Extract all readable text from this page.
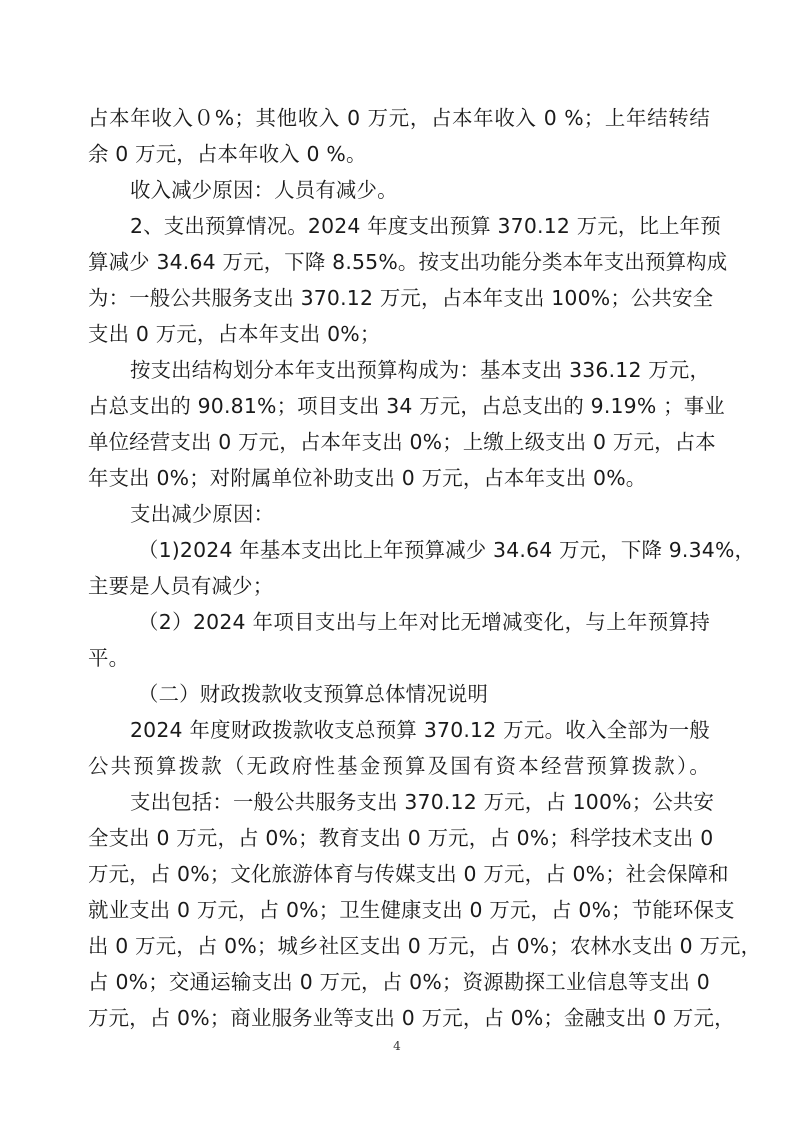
占本年收入０%；其他收入 0 万元，占本年收入 0 %；上年结转结
余 0 万元，占本年收入 0 %。
收入减少原因：人员有减少。
2、支出预算情况。2024 年度支出预算 370.12 万元，比上年预
算减少 34.64 万元，下降 8.55%。按支出功能分类本年支出预算构成
为：一般公共服务支出 370.12 万元，占本年支出 100%；公共安全
支出 0 万元，占本年支出 0%；
按支出结构划分本年支出预算构成为：基本支出 336.12 万元，
占总支出的 90.81%；项目支出 34 万元，占总支出的 9.19% ；事业
单位经营支出 0 万元，占本年支出 0%；上缴上级支出 0 万元，占本
年支出 0%；对附属单位补助支出 0 万元，占本年支出 0%。
支出减少原因：
（1)2024 年基本支出比上年预算减少 34.64 万元，下降 9.34%，
主要是人员有减少；
（2）2024 年项目支出与上年对比无增减变化，与上年预算持
平。
（二）财政拨款收支预算总体情况说明
2024 年度财政拨款收支总预算 370.12 万元。收入全部为一般
公共预算拨款（无政府性基金预算及国有资本经营预算拨款）。
支出包括：一般公共服务支出 370.12 万元，占 100%；公共安
全支出 0 万元，占 0%；教育支出 0 万元，占 0%；科学技术支出 0
万元，占 0%；文化旅游体育与传媒支出 0 万元，占 0%；社会保障和
就业支出 0 万元，占 0%；卫生健康支出 0 万元，占 0%；节能环保支
出 0 万元，占 0%；城乡社区支出 0 万元，占 0%；农林水支出 0 万元，
占 0%；交通运输支出 0 万元，占 0%；资源勘探工业信息等支出 0
万元，占 0%；商业服务业等支出 0 万元，占 0%；金融支出 0 万元，
4
